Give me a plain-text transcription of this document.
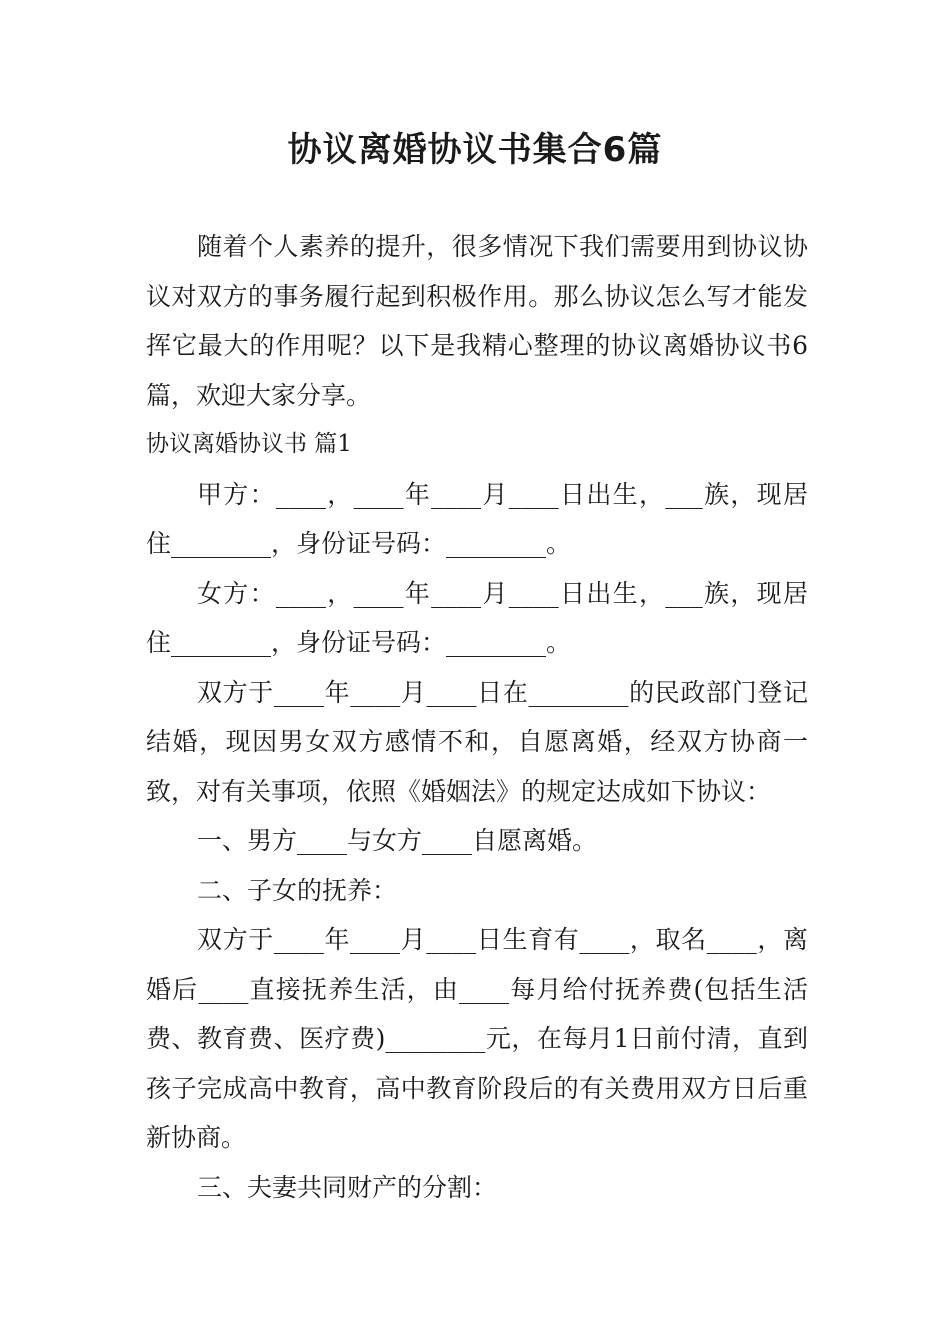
协议离婚协议书集合6篇

随着个人素养的提升，很多情况下我们需要用到协议协议对双方的事务履行起到积极作用。那么协议怎么写才能发挥它最大的作用呢？以下是我精心整理的协议离婚协议书6篇，欢迎大家分享。

协议离婚协议书 篇1

甲方：____，____年____月____日出生，___族，现居住________，身份证号码：________。

女方：____，____年____月____日出生，___族，现居住________，身份证号码：________。

双方于____年____月____日在________的民政部门登记结婚，现因男女双方感情不和，自愿离婚，经双方协商一致，对有关事项，依照《婚姻法》的规定达成如下协议：

一、男方____与女方____自愿离婚。

二、子女的抚养：

双方于____年____月____日生育有____，取名____，离婚后____直接抚养生活，由____每月给付抚养费(包括生活费、教育费、医疗费)________元，在每月1日前付清，直到孩子完成高中教育，高中教育阶段后的有关费用双方日后重新协商。

三、夫妻共同财产的分割：
